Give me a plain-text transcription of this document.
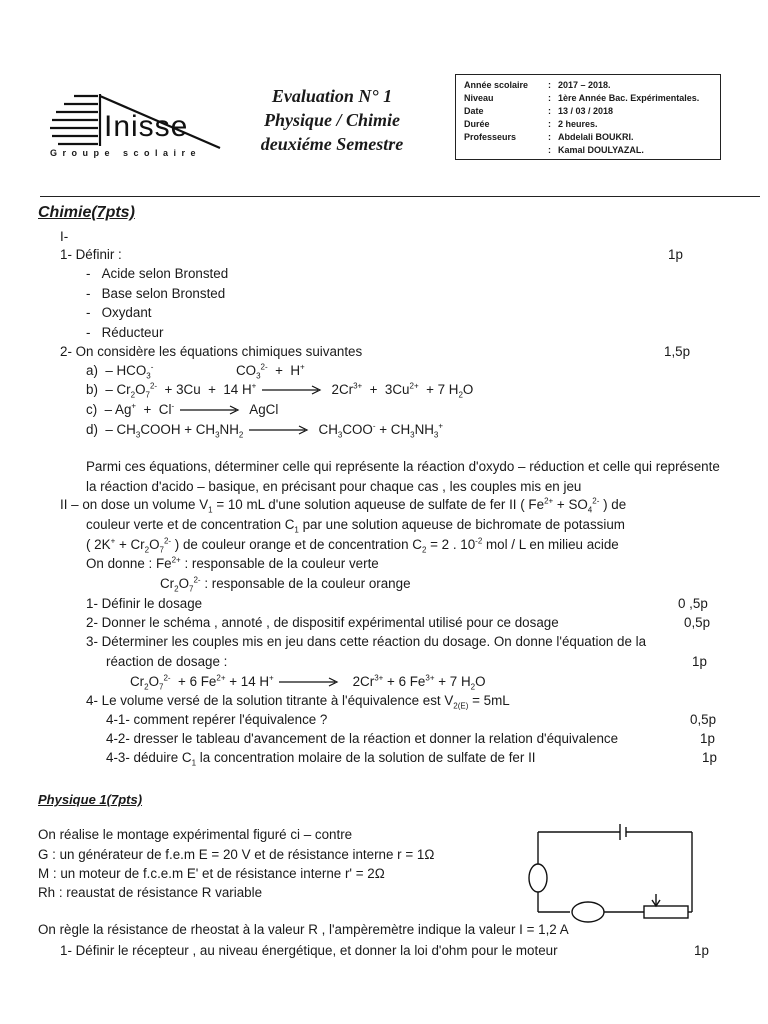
Inisse
Groupe scolaire
Evaluation N° 1
Physique / Chimie
deuxiéme Semestre
Année scolaire : 2017 – 2018.
Niveau	: 1ère Année Bac. Expérimentales.
Date	: 13 / 03 / 2018
Durée	: 2 heures.
Professeurs	: Abdelali BOUKRI.
: Kamal DOULYAZAL.
Chimie(7pts)
I-
1- Définir :	1p
-   Acide selon Bronsted
-   Base selon Bronsted
-   Oxydant
-   Réducteur
2- On considère les équations chimiques suivantes	1,5p
$a) - HCO_3^-$	$CO_3^{2-} + H^+$
$b) - Cr_2O_7^{2-} + 3Cu + 14$ H+	$2Cr^{3+} + 3Cu^{2+} + 7$ $H_2O$
c)  – Ag+  +  Cl-	AgCl
$d) - CH_3COOH + CH_3NH_2$	$CH_3COO^- + CH_3NH_3^+$
Parmi ces équations, déterminer celle qui représente la réaction d'oxydo – réduction et celle qui représente la réaction d'acido – basique, en précisant pour chaque cas , les couples mis en jeu
II – on dose un volume $V_1 = 10$ mL d'une solution aqueuse de sulfate de fer II ( $Fe^{2+} + SO_4^{2-}$ ) de
couleur verte et de concentration $C_1$ par une solution aqueuse de bichromate de potassium
( $2K^+ + Cr_2O_7^{2-}$ ) de couleur orange et de concentration $C_2 = 2$ . $10^{-2}$ mol / L en milieu acide
On donne : $Fe^{2+}$ : responsable de la couleur verte
$Cr_2O_7^{2-}$ : responsable de la couleur orange
1- Définir le dosage	0 ,5p
2- Donner le schéma , annoté , de dispositif expérimental utilisé pour ce dosage	0,5p
3- Déterminer les couples mis en jeu dans cette réaction du dosage. On donne l'équation de la
réaction de dosage :	1p
$Cr_2O_7^{2-} + 6$ $Fe^{2+} + 14$ H+	$2Cr^{3+} + 6$ $Fe^{3+} + 7$ $H_2O$
4- Le volume versé de la solution titrante à l'équivalence est $V_{2(E)} = 5mL$
4-1- comment repérer l'équivalence ?	0,5p
4-2- dresser le tableau d'avancement de la réaction et donner la relation d'équivalence	1p
4-3- déduire $C_1$ la concentration molaire de la solution de sulfate de fer II	1p
Physique 1(7pts)
On réalise le montage expérimental figuré ci – contre
G : un générateur de f.e.m E = 20 V et de résistance interne r = 1Ω
M : un moteur de f.c.e.m E' et de résistance interne r' = 2Ω
Rh : reaustat de résistance R variable
On règle la résistance de rheostat à la valeur R , l'ampèremètre indique la valeur I = 1,2 A
1- Définir le récepteur , au niveau énergétique, et donner la loi d'ohm pour le moteur	1p
